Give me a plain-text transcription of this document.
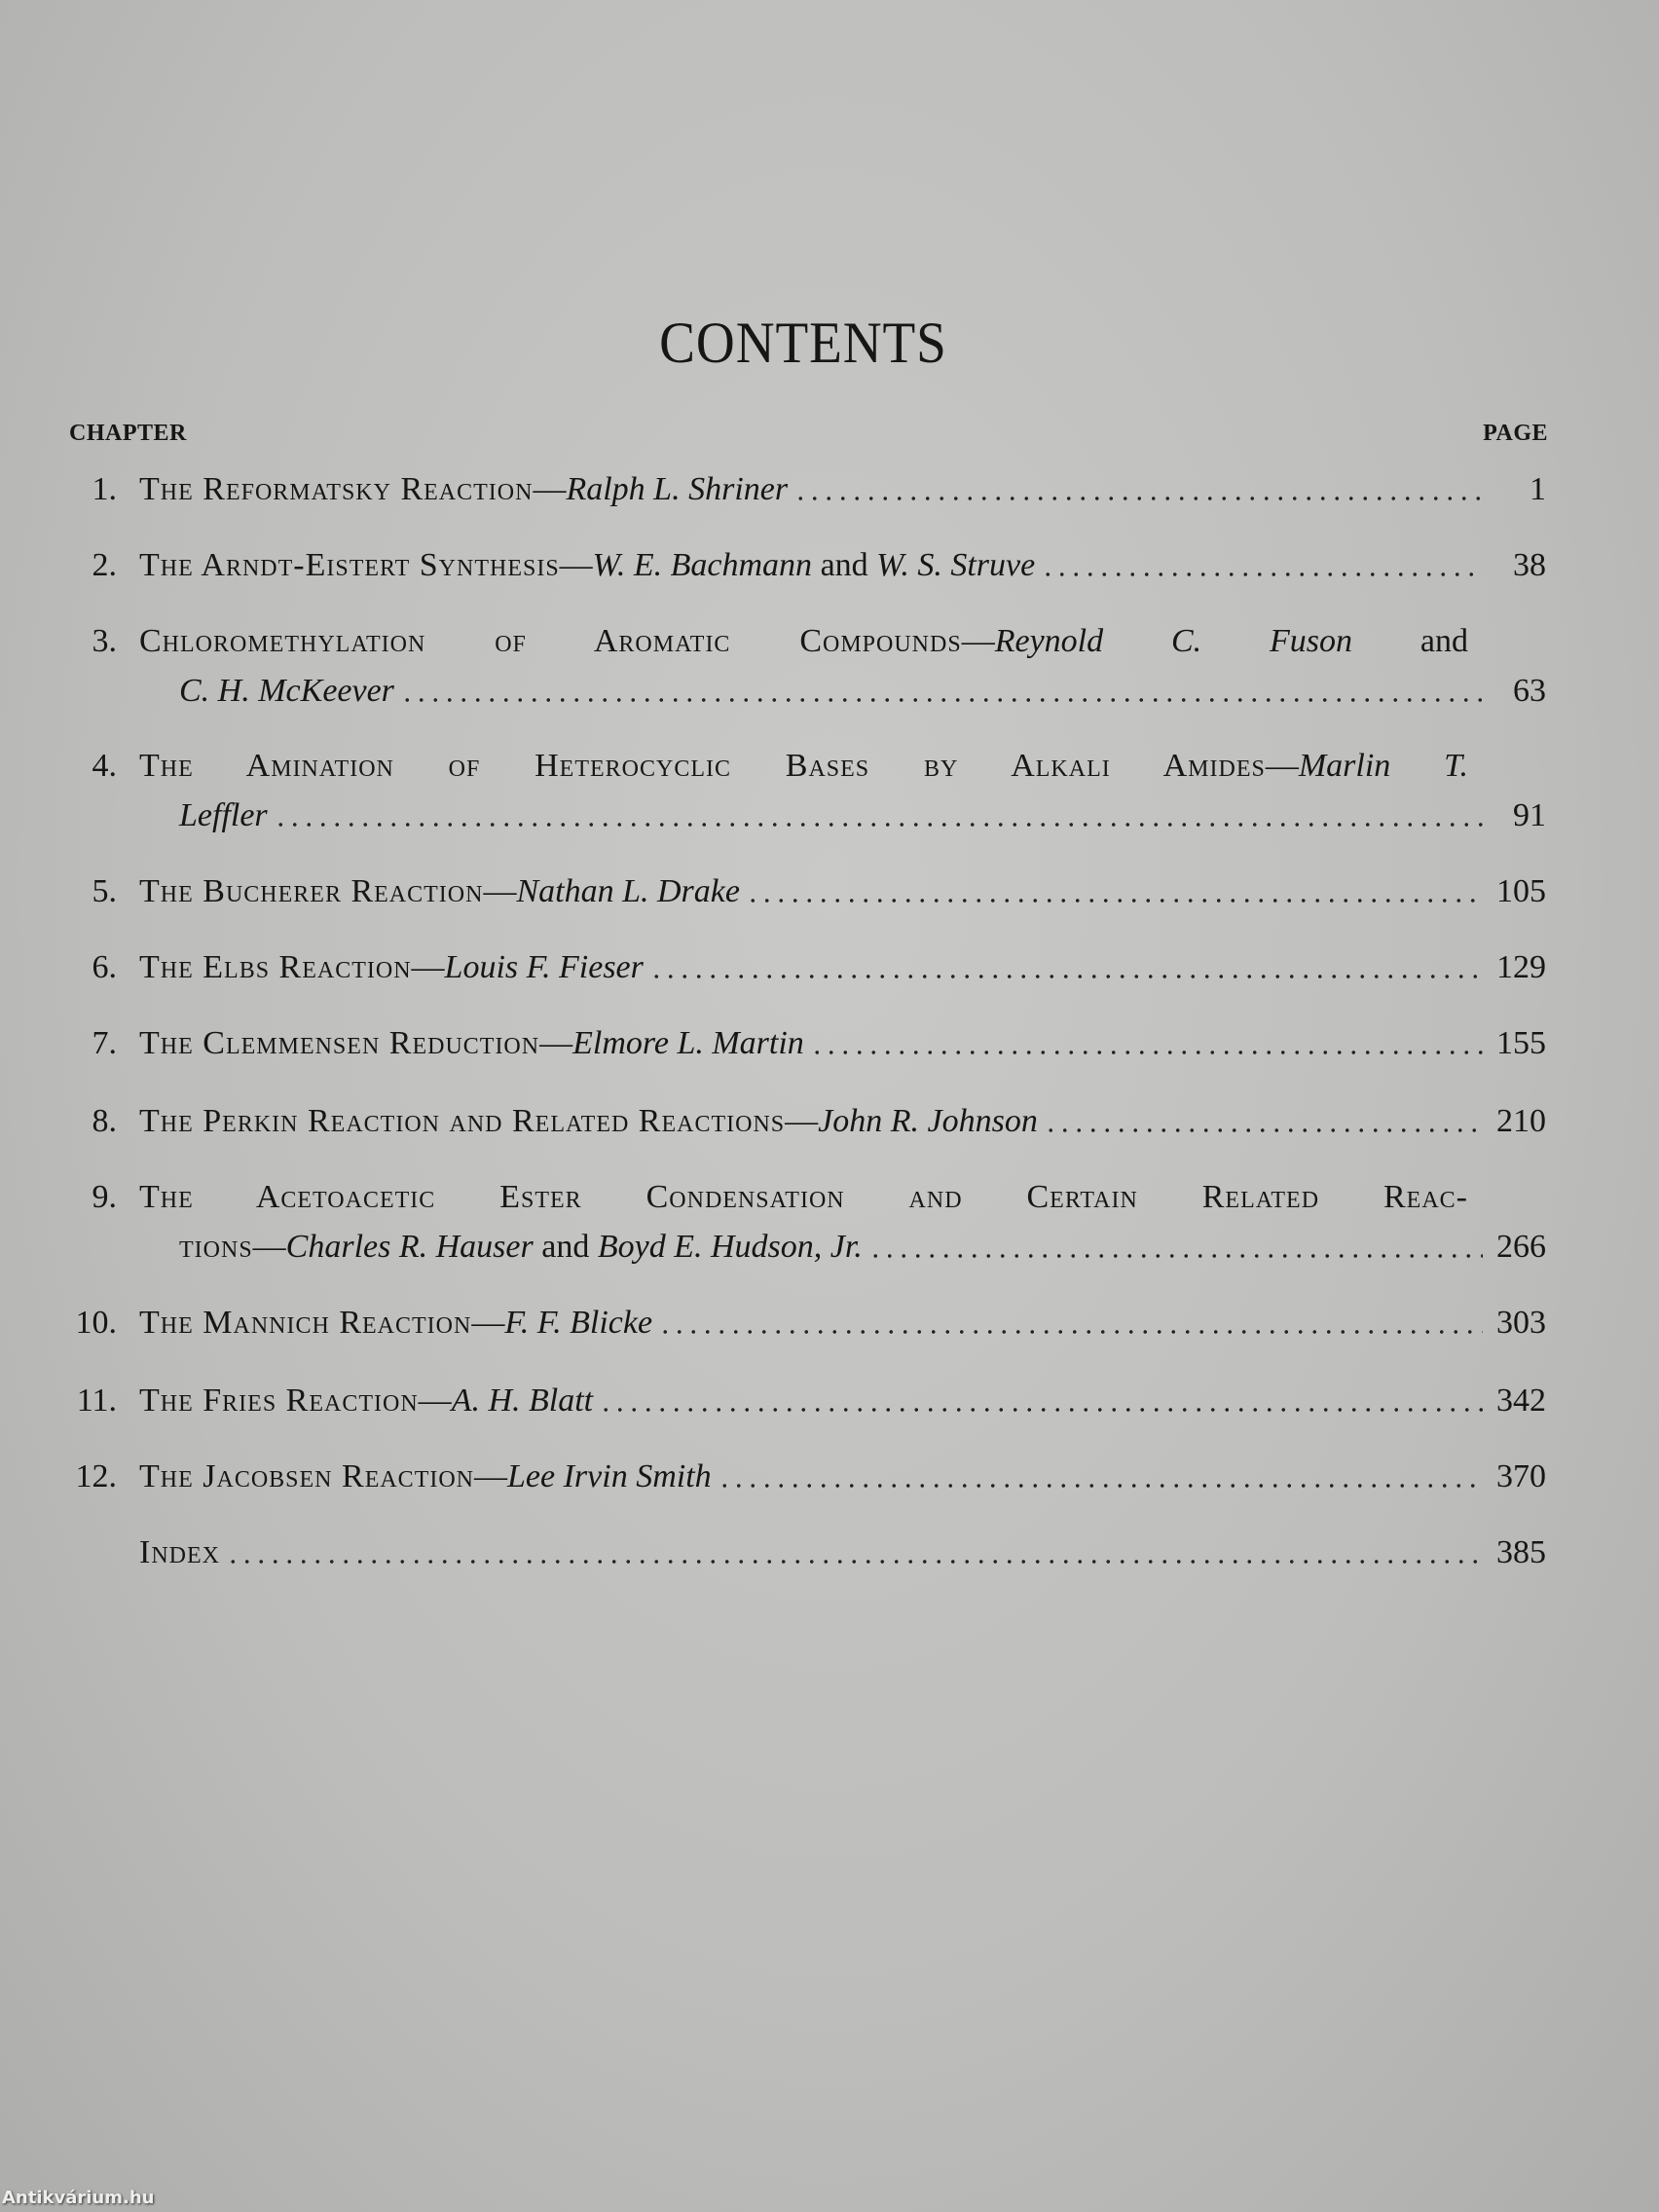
CONTENTS
CHAPTER	PAGE
1. The Reformatsky Reaction — Ralph L. Shriner	1
2. The Arndt-Eistert Synthesis — W. E. Bachmann and W. S. Struve	38
3. Chloromethylation of Aromatic Compounds—Reynold C. Fuson and
C. H. McKeever	63
4. The Amination of Heterocyclic Bases by Alkali Amides—Marlin T.
Leffler	91
5. The Bucherer Reaction — Nathan L. Drake	105
6. The Elbs Reaction — Louis F. Fieser	129
7. The Clemmensen Reduction — Elmore L. Martin	155
8. The Perkin Reaction and Related Reactions — John R. Johnson	210
9. The Acetoacetic Ester Condensation and Certain Related Reac-
tions — Charles R. Hauser and Boyd E. Hudson, Jr.	266
10. The Mannich Reaction — F. F. Blicke	303
11. The Fries Reaction — A. H. Blatt	342
12. The Jacobsen Reaction — Lee Irvin Smith	370
Index	385
Antikvárium.hu
